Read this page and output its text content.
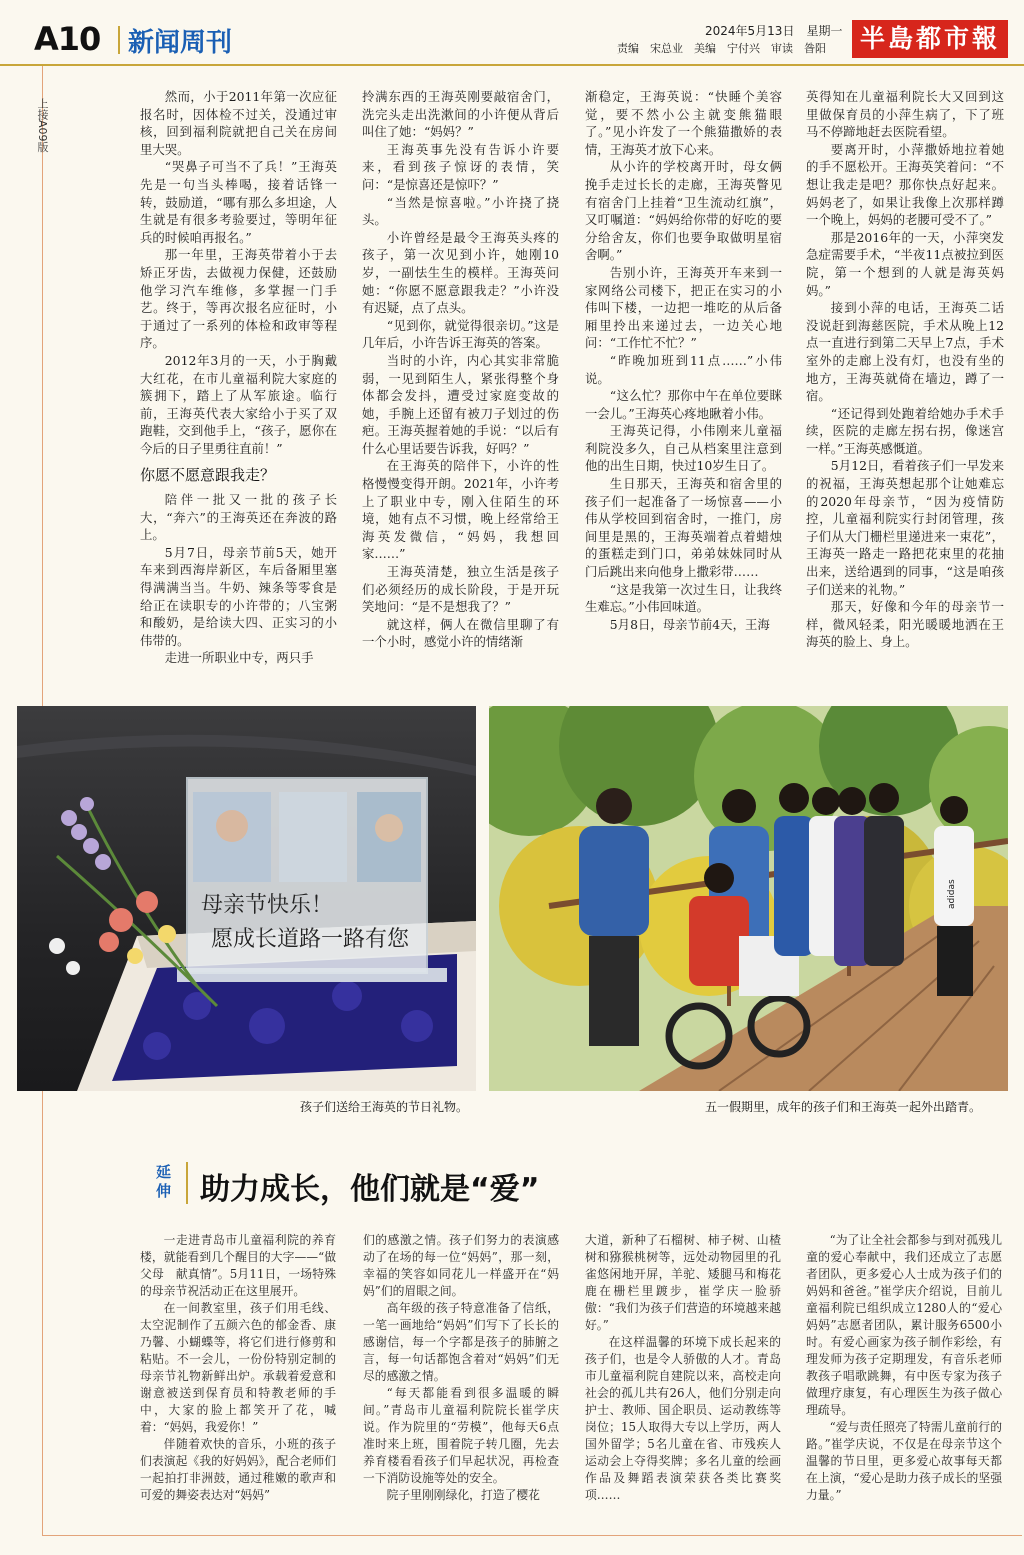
A10 新闻周刊	2024年5月13日　星期一
责编　宋总业　美编　宁付兴　审读　昝阳	半島都市報
上接A09版

然而，小于2011年第一次应征报名时，因体检不过关，没通过审核，回到福利院就把自己关在房间里大哭。

“哭鼻子可当不了兵！”王海英先是一句当头棒喝，接着话锋一转，鼓励道，“哪有那么多坦途，人生就是有很多考验要过，等明年征兵的时候咱再报名。”

那一年里，王海英带着小于去矫正牙齿，去做视力保健，还鼓励他学习汽车维修，多掌握一门手艺。终于，等再次报名应征时，小于通过了一系列的体检和政审等程序。

2012年3月的一天，小于胸戴大红花，在市儿童福利院大家庭的簇拥下，踏上了从军旅途。临行前，王海英代表大家给小于买了双跑鞋，交到他手上，“孩子，愿你在今后的日子里勇往直前！”

你愿不愿意跟我走？

陪伴一批又一批的孩子长大，“奔六”的王海英还在奔波的路上。

5月7日，母亲节前5天，她开车来到西海岸新区，车后备厢里塞得满满当当。牛奶、辣条等零食是给正在读职专的小许带的；八宝粥和酸奶，是给读大四、正实习的小伟带的。

走进一所职业中专，两只手

拎满东西的王海英刚要敲宿舍门，洗完头走出洗漱间的小许便从背后叫住了她：“妈妈？”

王海英事先没有告诉小许要来，看到孩子惊讶的表情，笑问：“是惊喜还是惊吓？”

“当然是惊喜啦。”小许挠了挠头。

小许曾经是最令王海英头疼的孩子，第一次见到小许，她刚10岁，一副怯生生的模样。王海英问她：“你愿不愿意跟我走？”小许没有迟疑，点了点头。

“见到你，就觉得很亲切。”这是几年后，小许告诉王海英的答案。

当时的小许，内心其实非常脆弱，一见到陌生人，紧张得整个身体都会发抖，遭受过家庭变故的她，手腕上还留有被刀子划过的伤疤。王海英握着她的手说：“以后有什么心里话要告诉我，好吗？”

在王海英的陪伴下，小许的性格慢慢变得开朗。2021年，小许考上了职业中专，刚入住陌生的环境，她有点不习惯，晚上经常给王海英发微信，“妈妈，我想回家……”

王海英清楚，独立生活是孩子们必须经历的成长阶段，于是开玩笑地问：“是不是想我了？”

就这样，俩人在微信里聊了有一个小时，感觉小许的情绪渐

渐稳定，王海英说：“快睡个美容觉，要不然小公主就变熊猫眼了。”见小许发了一个熊猫撒娇的表情，王海英才放下心来。

从小许的学校离开时，母女俩挽手走过长长的走廊，王海英瞥见有宿舍门上挂着“卫生流动红旗”，又叮嘱道：“妈妈给你带的好吃的要分给舍友，你们也要争取做明星宿舍啊。”

告别小许，王海英开车来到一家网络公司楼下，把正在实习的小伟叫下楼，一边把一堆吃的从后备厢里拎出来递过去，一边关心地问：“工作忙不忙？”

“昨晚加班到11点……”小伟说。

“这么忙？那你中午在单位要眯一会儿。”王海英心疼地瞅着小伟。

王海英记得，小伟刚来儿童福利院没多久，自己从档案里注意到他的出生日期，快过10岁生日了。

生日那天，王海英和宿舍里的孩子们一起准备了一场惊喜——小伟从学校回到宿舍时，一推门，房间里是黑的，王海英端着点着蜡烛的蛋糕走到门口，弟弟妹妹同时从门后跳出来向他身上撒彩带……

“这是我第一次过生日，让我终生难忘。”小伟回味道。

5月8日，母亲节前4天，王海

英得知在儿童福利院长大又回到这里做保育员的小萍生病了，下了班马不停蹄地赶去医院看望。

要离开时，小萍撒娇地拉着她的手不愿松开。王海英笑着问：“不想让我走是吧？那你快点好起来。妈妈老了，如果让我像上次那样蹲一个晚上，妈妈的老腰可受不了。”

那是2016年的一天，小萍突发急症需要手术，“半夜11点被拉到医院，第一个想到的人就是海英妈妈。”

接到小萍的电话，王海英二话没说赶到海慈医院，手术从晚上12点一直进行到第二天早上7点，手术室外的走廊上没有灯，也没有坐的地方，王海英就倚在墙边，蹲了一宿。

“还记得到处跑着给她办手术手续，医院的走廊左拐右拐，像迷宫一样。”王海英感慨道。

5月12日，看着孩子们一早发来的祝福，王海英想起那个让她难忘的2020年母亲节，“因为疫情防控，儿童福利院实行封闭管理，孩子们从大门栅栏里递进来一束花”，王海英一路走一路把花束里的花抽出来，送给遇到的同事，“这是咱孩子们送来的礼物。”

那天，好像和今年的母亲节一样，微风轻柔，阳光暖暖地洒在王海英的脸上、身上。

母亲节快乐！
愿成长道路一路有您
孩子们送给王海英的节日礼物。
adidas
五一假期里，成年的孩子们和王海英一起外出踏青。
延伸 助力成长，他们就是“爱”

一走进青岛市儿童福利院的养育楼，就能看到几个醒目的大字——“做父母　献真情”。5月11日，一场特殊的母亲节祝活动正在这里展开。

在一间教室里，孩子们用毛线、太空泥制作了五颜六色的郁金香、康乃馨、小蝴蝶等，将它们进行修剪和粘贴。不一会儿，一份份特别定制的母亲节礼物新鲜出炉。承载着爱意和谢意被送到保育员和特教老师的手中，大家的脸上都笑开了花，喊着：“妈妈，我爱你！”

伴随着欢快的音乐，小班的孩子们表演起《我的好妈妈》，配合老师们一起拍打非洲鼓，通过稚嫩的歌声和可爱的舞姿表达对“妈妈”

们的感激之情。孩子们努力的表演感动了在场的每一位“妈妈”，那一刻，幸福的笑容如同花儿一样盛开在“妈妈”们的眉眼之间。

高年级的孩子特意准备了信纸，一笔一画地给“妈妈”们写下了长长的感谢信，每一个字都是孩子的肺腑之言，每一句话都饱含着对“妈妈”们无尽的感激之情。

“每天都能看到很多温暖的瞬间。”青岛市儿童福利院院长崔学庆说。作为院里的“劳模”，他每天6点准时来上班，围着院子转几圈，先去养育楼看看孩子们早起状况，再检查一下消防设施等处的安全。

院子里刚刚绿化，打造了樱花

大道，新种了石榴树、柿子树、山楂树和猕猴桃树等，远处动物园里的孔雀悠闲地开屏，羊驼、矮腿马和梅花鹿在栅栏里踱步，崔学庆一脸骄傲：“我们为孩子们营造的环境越来越好。”

在这样温馨的环境下成长起来的孩子们，也是令人骄傲的人才。青岛市儿童福利院自建院以来，高校走向社会的孤儿共有26人，他们分别走向护士、教师、国企职员、运动教练等岗位；15人取得大专以上学历，两人国外留学；5名儿童在省、市残疾人运动会上夺得奖牌；多名儿童的绘画作品及舞蹈表演荣获各类比赛奖项……

“为了让全社会都参与到对孤残儿童的爱心奉献中，我们还成立了志愿者团队，更多爱心人士成为孩子们的妈妈和爸爸。”崔学庆介绍说，目前儿童福利院已组织成立1280人的“爱心妈妈”志愿者团队，累计服务6500小时。有爱心画家为孩子制作彩绘，有理发师为孩子定期理发，有音乐老师教孩子唱歌跳舞，有中医专家为孩子做理疗康复，有心理医生为孩子做心理疏导。

“爱与责任照亮了特需儿童前行的路。”崔学庆说，不仅是在母亲节这个温馨的节日里，更多爱心故事每天都在上演，“爱心是助力孩子成长的坚强力量。”
